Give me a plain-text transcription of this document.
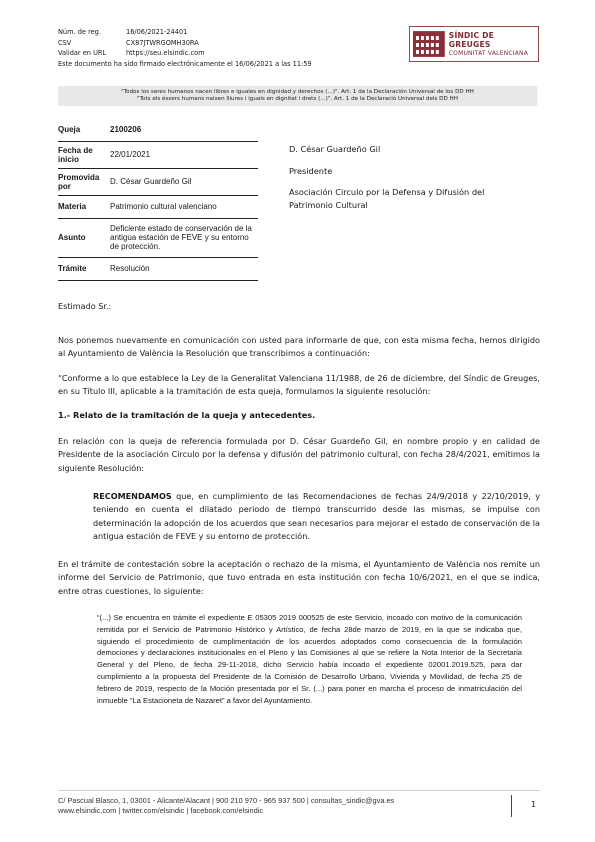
Núm. de reg.	16/06/2021-24401
CSV	CX87JTWRGOMH30RA
Validar en URL	https://seu.elsindic.com
Este documento ha sido firmado electrónicamente el 16/06/2021 a las 11:59
SÍNDIC DE GREUGES
COMUNITAT VALENCIANA
"Todos los seres humanos nacen libres e iguales en dignidad y derechos (...)". Art. 1 de la Declaración Universal de los DD HH
"Tots els éssers humans naixen lliures i iguals en dignitat i drets (...)". Art. 1 de la Declaració Universal dels DD HH
Queja	2100206
Fecha de inicio	22/01/2021
Promovida por	D. César Guardeño Gil
Materia	Patrimonio cultural valenciano
Asunto	Deficiente estado de conservación de la antigua estación de FEVE y su entorno de protección.
Trámite	Resolución

D. César Guardeño Gil

Presidente

Asociación Circulo por la Defensa y Difusión del Patrimonio Cultural

Estimado Sr.:
Nos ponemos nuevamente en comunicación con usted para informarle de que, con esta misma fecha, hemos dirigido al Ayuntamiento de València la Resolución que transcribimos a continuación:
“Conforme a lo que establece la Ley de la Generalitat Valenciana 11/1988, de 26 de diciembre, del Síndic de Greuges, en su Título III, aplicable a la tramitación de esta queja, formulamos la siguiente resolución:
1.- Relato de la tramitación de la queja y antecedentes.
En relación con la queja de referencia formulada por D. César Guardeño Gil, en nombre propio y en calidad de Presidente de la asociación Circulo por la defensa y difusión del patrimonio cultural, con fecha 28/4/2021, emitimos la siguiente Resolución:
RECOMENDAMOS que, en cumplimiento de las Recomendaciones de fechas 24/9/2018 y 22/10/2019, y teniendo en cuenta el dilatado periodo de tiempo transcurrido desde las mismas, se impulse con determinación la adopción de los acuerdos que sean necesarios para mejorar el estado de conservación de la antigua estación de FEVE y su entorno de protección.
En el trámite de contestación sobre la aceptación o rechazo de la misma, el Ayuntamiento de València nos remite un informe del Servicio de Patrimonio, que tuvo entrada en esta institución con fecha 10/6/2021, en el que se indica, entre otras cuestiones, lo siguiente:
“(...) Se encuentra en trámite el expediente E 05305 2019 000525 de este Servicio, incoado con motivo de la comunicación remitida por el Servicio de Patrimonio Histórico y Artístico, de fecha 28de marzo de 2019, en la que se indicaba que, siguiendo el procedimiento de cumplimentación de los acuerdos adoptados como consecuencia de la formulación demociones y declaraciones institucionales en el Pleno y las Comisiones al que se refiere la Nota Interior de la Secretaria General y del Pleno, de fecha 29-11-2018, dicho Servicio había incoado el expediente 02001.2019.525, para dar cumplimiento a la propuesta del Presidente de la Comisión de Desarrollo Urbano, Vivienda y Movilidad, de fecha 25 de febrero de 2019, respecto de la Moción presentada por el Sr. (...) para poner en marcha el proceso de inmatriculación del inmueble “La Estacioneta de Nazaret” a favor del Ayuntamiento.
C/ Pascual Blasco, 1, 03001 - Alicante/Alacant | 900 210 970 - 965 937 500 | consultas_sindic@gva.es
www.elsindic.com | twitter.com/elsindic | facebook.com/elsindic
1
